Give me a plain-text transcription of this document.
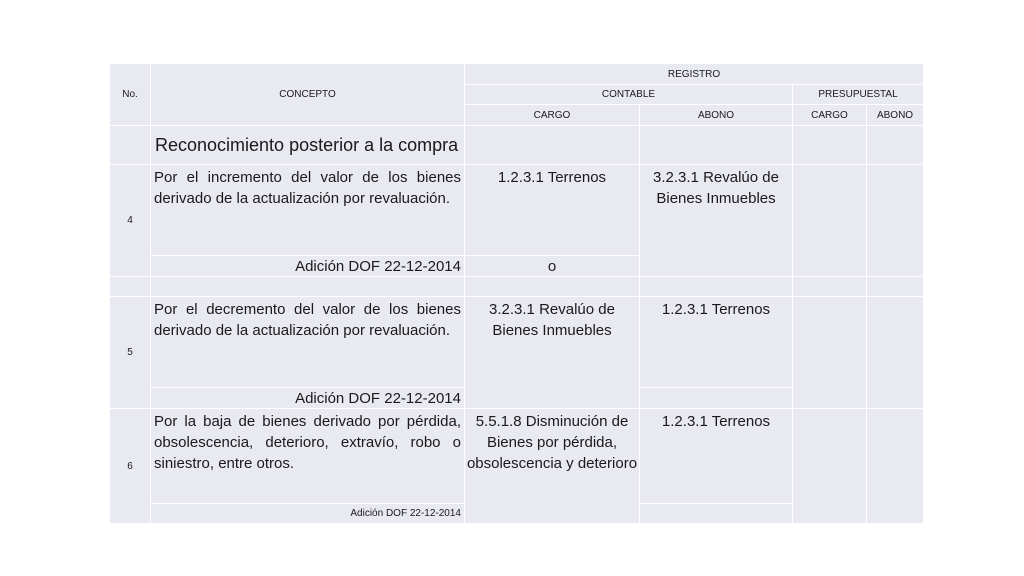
No.	CONCEPTO	REGISTRO			
		CONTABLE		PRESUPUESTAL	
		CARGO	ABONO	CARGO	ABONO
	Reconocimiento posterior a la compra				
4	Por el incremento del valor de los bienes derivado de la actualización por revaluación.	1.2.3.1 Terrenos	3.2.3.1 Revalúo de Bienes Inmuebles		
	Adición DOF 22-12-2014	o			

5	Por el decremento del valor de los bienes derivado de la actualización por revaluación.	3.2.3.1 Revalúo de Bienes Inmuebles	1.2.3.1 Terrenos		
	Adición DOF 22-12-2014				
6	Por la baja de bienes derivado por pérdida, obsolescencia, deterioro, extravío, robo o siniestro, entre otros.	5.5.1.8 Disminución de Bienes por pérdida, obsolescencia y deterioro	1.2.3.1 Terrenos		
	Adición DOF 22-12-2014				
